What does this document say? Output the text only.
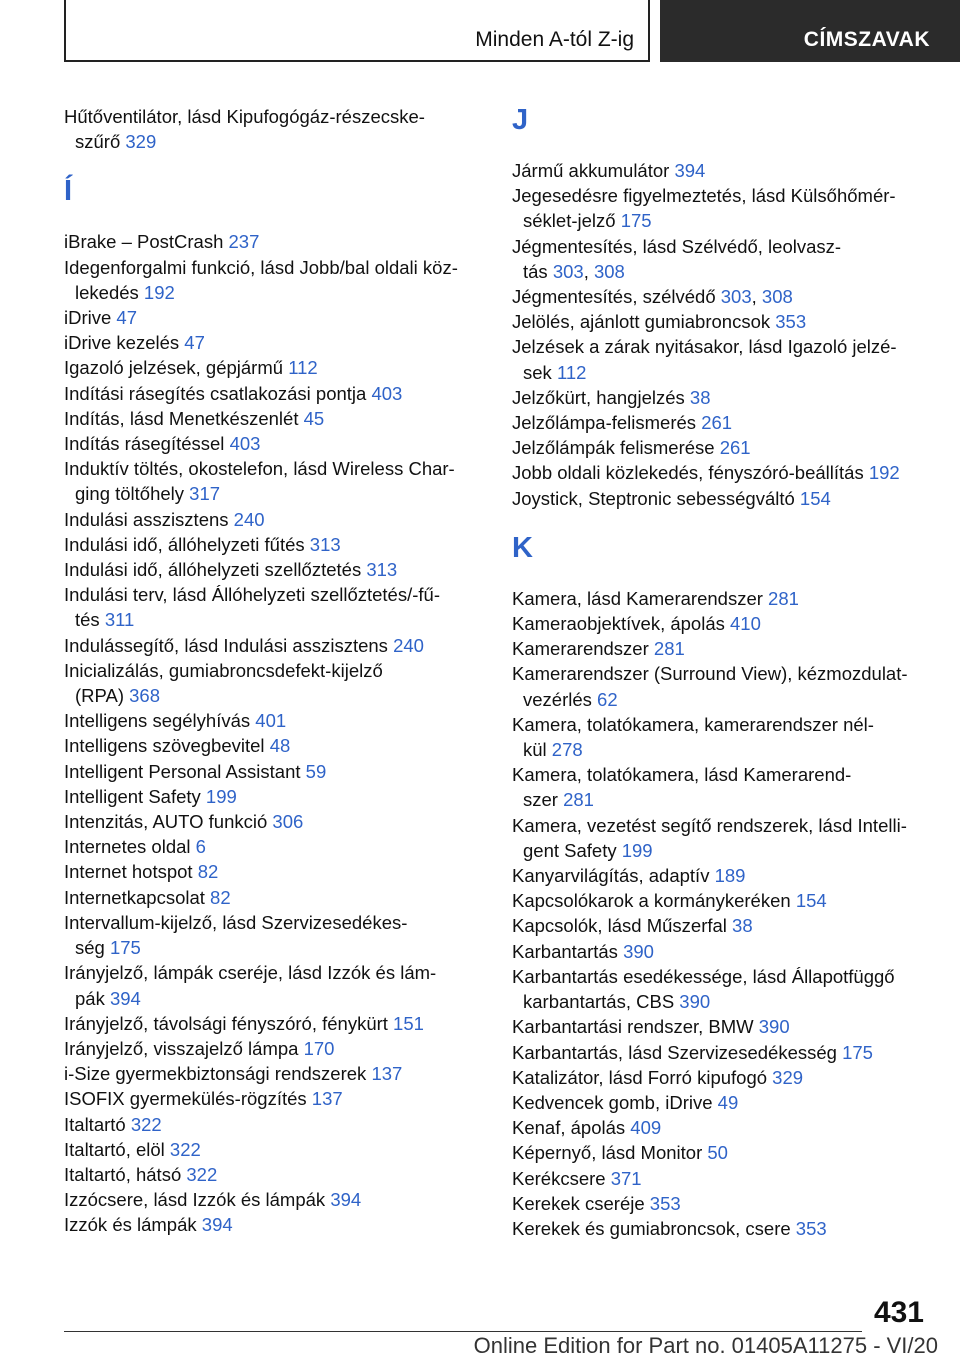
Minden A-tól Z-ig	CÍMSZAVAK
Hűtőventilátor, lásd Kipufogógáz-részecske-
szűrő 329
Í
iBrake – PostCrash 237
Idegenforgalmi funkció, lásd Jobb/bal oldali köz-
lekedés 192
iDrive 47
iDrive kezelés 47
Igazoló jelzések, gépjármű 112
Indítási rásegítés csatlakozási pontja 403
Indítás, lásd Menetkészenlét 45
Indítás rásegítéssel 403
Induktív töltés, okostelefon, lásd Wireless Char-
ging töltőhely 317
Indulási asszisztens 240
Indulási idő, állóhelyzeti fűtés 313
Indulási idő, állóhelyzeti szellőztetés 313
Indulási terv, lásd Állóhelyzeti szellőztetés/-fű-
tés 311
Indulássegítő, lásd Indulási asszisztens 240
Inicializálás, gumiabroncsdefekt-kijelző
(RPA) 368
Intelligens segélyhívás 401
Intelligens szövegbevitel 48
Intelligent Personal Assistant 59
Intelligent Safety 199
Intenzitás, AUTO funkció 306
Internetes oldal 6
Internet hotspot 82
Internetkapcsolat 82
Intervallum-kijelző, lásd Szervizesedékes-
ség 175
Irányjelző, lámpák cseréje, lásd Izzók és lám-
pák 394
Irányjelző, távolsági fényszóró, fénykürt 151
Irányjelző, visszajelző lámpa 170
i-Size gyermekbiztonsági rendszerek 137
ISOFIX gyermekülés-rögzítés 137
Italtartó 322
Italtartó, elöl 322
Italtartó, hátsó 322
Izzócsere, lásd Izzók és lámpák 394
Izzók és lámpák 394
J
Jármű akkumulátor 394
Jegesedésre figyelmeztetés, lásd Külsőhőmér-
séklet-jelző 175
Jégmentesítés, lásd Szélvédő, leolvasz-
tás 303, 308
Jégmentesítés, szélvédő 303, 308
Jelölés, ajánlott gumiabroncsok 353
Jelzések a zárak nyitásakor, lásd Igazoló jelzé-
sek 112
Jelzőkürt, hangjelzés 38
Jelzőlámpa-felismerés 261
Jelzőlámpák felismerése 261
Jobb oldali közlekedés, fényszóró-beállítás 192
Joystick, Steptronic sebességváltó 154
K
Kamera, lásd Kamerarendszer 281
Kameraobjektívek, ápolás 410
Kamerarendszer 281
Kamerarendszer (Surround View), kézmozdulat-
vezérlés 62
Kamera, tolatókamera, kamerarendszer nél-
kül 278
Kamera, tolatókamera, lásd Kamerarend-
szer 281
Kamera, vezetést segítő rendszerek, lásd Intelli-
gent Safety 199
Kanyarvilágítás, adaptív 189
Kapcsolókarok a kormánykeréken 154
Kapcsolók, lásd Műszerfal 38
Karbantartás 390
Karbantartás esedékessége, lásd Állapotfüggő
karbantartás, CBS 390
Karbantartási rendszer, BMW 390
Karbantartás, lásd Szervizesedékesség 175
Katalizátor, lásd Forró kipufogó 329
Kedvencek gomb, iDrive 49
Kenaf, ápolás 409
Képernyő, lásd Monitor 50
Kerékcsere 371
Kerekek cseréje 353
Kerekek és gumiabroncsok, csere 353
431
Online Edition for Part no. 01405A11275 - VI/20
